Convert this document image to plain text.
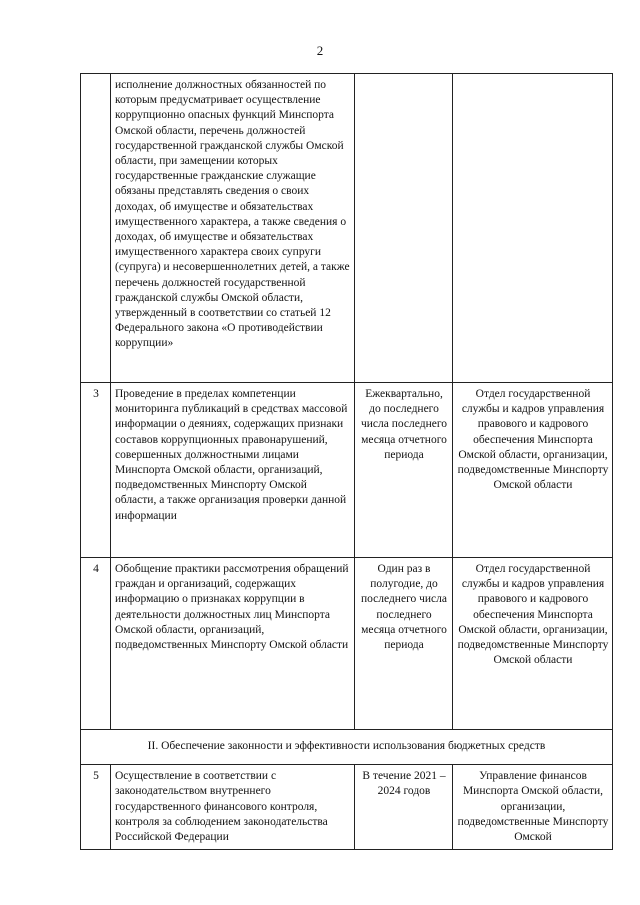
2
	исполнение должностных обязанностей по которым предусматривает осуществление коррупционно опасных функций Минспорта Омской области, перечень должностей государственной гражданской службы Омской области, при замещении которых государственные гражданские служащие обязаны представлять сведения о своих доходах, об имуществе и обязательствах имущественного характера, а также сведения о доходах, об имуществе и обязательствах имущественного характера своих супруги (супруга) и несовершеннолетних детей, а также перечень должностей государственной гражданской службы Омской области, утвержденный в соответствии со статьей 12 Федерального закона «О противодействии коррупции»		
3	Проведение в пределах компетенции мониторинга публикаций в средствах массовой информации о деяниях, содержащих признаки составов коррупционных правонарушений, совершенных должностными лицами Минспорта Омской области, организаций, подведомственных Минспорту Омской области, а также организация проверки данной информации	Ежеквартально, до последнего числа последнего месяца отчетного периода	Отдел государственной службы и кадров управления правового и кадрового обеспечения Минспорта Омской области, организации, подведомственные Минспорту Омской области
4	Обобщение практики рассмотрения обращений граждан и организаций, содержащих информацию о признаках коррупции в деятельности должностных лиц Минспорта Омской области, организаций, подведомственных Минспорту Омской области	Один раз в полугодие, до последнего числа последнего месяца отчетного периода	Отдел государственной службы и кадров управления правового и кадрового обеспечения Минспорта Омской области, организации, подведомственные Минспорту Омской области
II. Обеспечение законности и эффективности использования бюджетных средств			
5	Осуществление в соответствии с законодательством внутреннего государственного финансового контроля, контроля за соблюдением законодательства Российской Федерации	В течение 2021 – 2024 годов	Управление финансов Минспорта Омской области, организации, подведомственные Минспорту Омской
